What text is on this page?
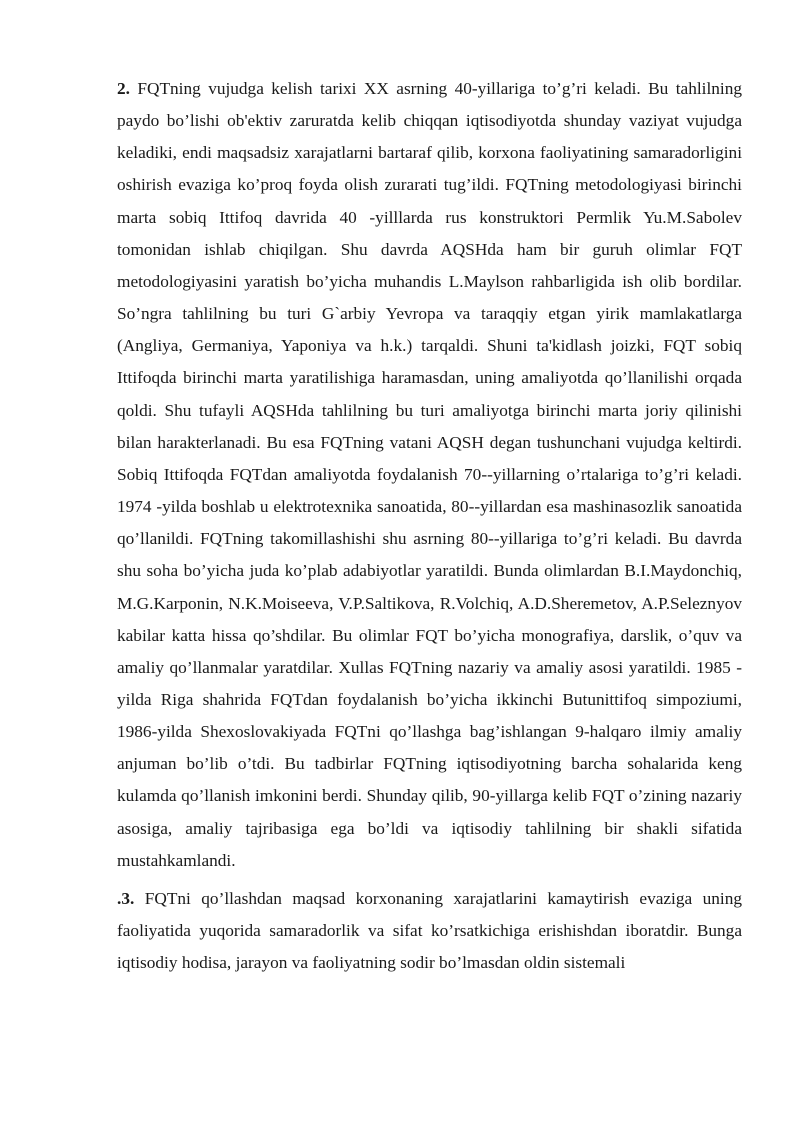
2. FQTning vujudga kelish tarixi XX asrning 40-yillariga to’g’ri keladi. Bu tahlilning paydo bo’lishi ob'ektiv zaruratda kelib chiqqan iqtisodiyotda shunday vaziyat vujudga keladiki, endi maqsadsiz xarajatlarni bartaraf qilib, korxona faoliyatining samaradorligini oshirish evaziga ko’proq foyda olish zurarati tug’ildi. FQTning metodologiyasi birinchi marta sobiq Ittifoq davrida 40 -yilllarda rus konstruktori Permlik Yu.M.Sabolev tomonidan ishlab chiqilgan. Shu davrda AQSHda ham bir guruh olimlar FQT metodologiyasini yaratish bo’yicha muhandis L.Maylson rahbarligida ish olib bordilar. So’ngra tahlilning bu turi G`arbiy Yevropa va taraqqiy etgan yirik mamlakatlarga (Angliya, Germaniya, Yaponiya va h.k.) tarqaldi. Shuni ta'kidlash joizki, FQT sobiq Ittifoqda birinchi marta yaratilishiga haramasdan, uning amaliyotda qo’llanilishi orqada qoldi. Shu tufayli AQSHda tahlilning bu turi amaliyotga birinchi marta joriy qilinishi bilan harakterlanadi. Bu esa FQTning vatani AQSH degan tushunchani vujudga keltirdi. Sobiq Ittifoqda FQTdan amaliyotda foydalanish 70--yillarning o’rtalariga to’g’ri keladi. 1974 -yilda boshlab u elektrotexnika sanoatida, 80--yillardan esa mashinasozlik sanoatida qo’llanildi. FQTning takomillashishi shu asrning 80--yillariga to’g’ri keladi. Bu davrda shu soha bo’yicha juda ko’plab adabiyotlar yaratildi. Bunda olimlardan B.I.Maydonchiq, M.G.Karponin, N.K.Moiseeva, V.P.Saltikova, R.Volchiq, A.D.Sheremetov, A.P.Seleznyov kabilar katta hissa qo’shdilar. Bu olimlar FQT bo’yicha monografiya, darslik, o’quv va amaliy qo’llanmalar yaratdilar. Xullas FQTning nazariy va amaliy asosi yaratildi. 1985 -yilda Riga shahrida FQTdan foydalanish bo’yicha ikkinchi Butunittifoq simpoziumi, 1986-yilda Shexoslovakiyada FQTni qo’llashga bag’ishlangan 9-halqaro ilmiy amaliy anjuman bo’lib o’tdi. Bu tadbirlar FQTning iqtisodiyotning barcha sohalarida keng kulamda qo’llanish imkonini berdi. Shunday qilib, 90-yillarga kelib FQT o’zining nazariy asosiga, amaliy tajribasiga ega bo’ldi va iqtisodiy tahlilning bir shakli sifatida mustahkamlandi.

.3. FQTni qo’llashdan maqsad korxonaning xarajatlarini kamaytirish evaziga uning faoliyatida yuqorida samaradorlik va sifat ko’rsatkichiga erishishdan iboratdir. Bunga iqtisodiy hodisa, jarayon va faoliyatning sodir bo’lmasdan oldin sistemali
